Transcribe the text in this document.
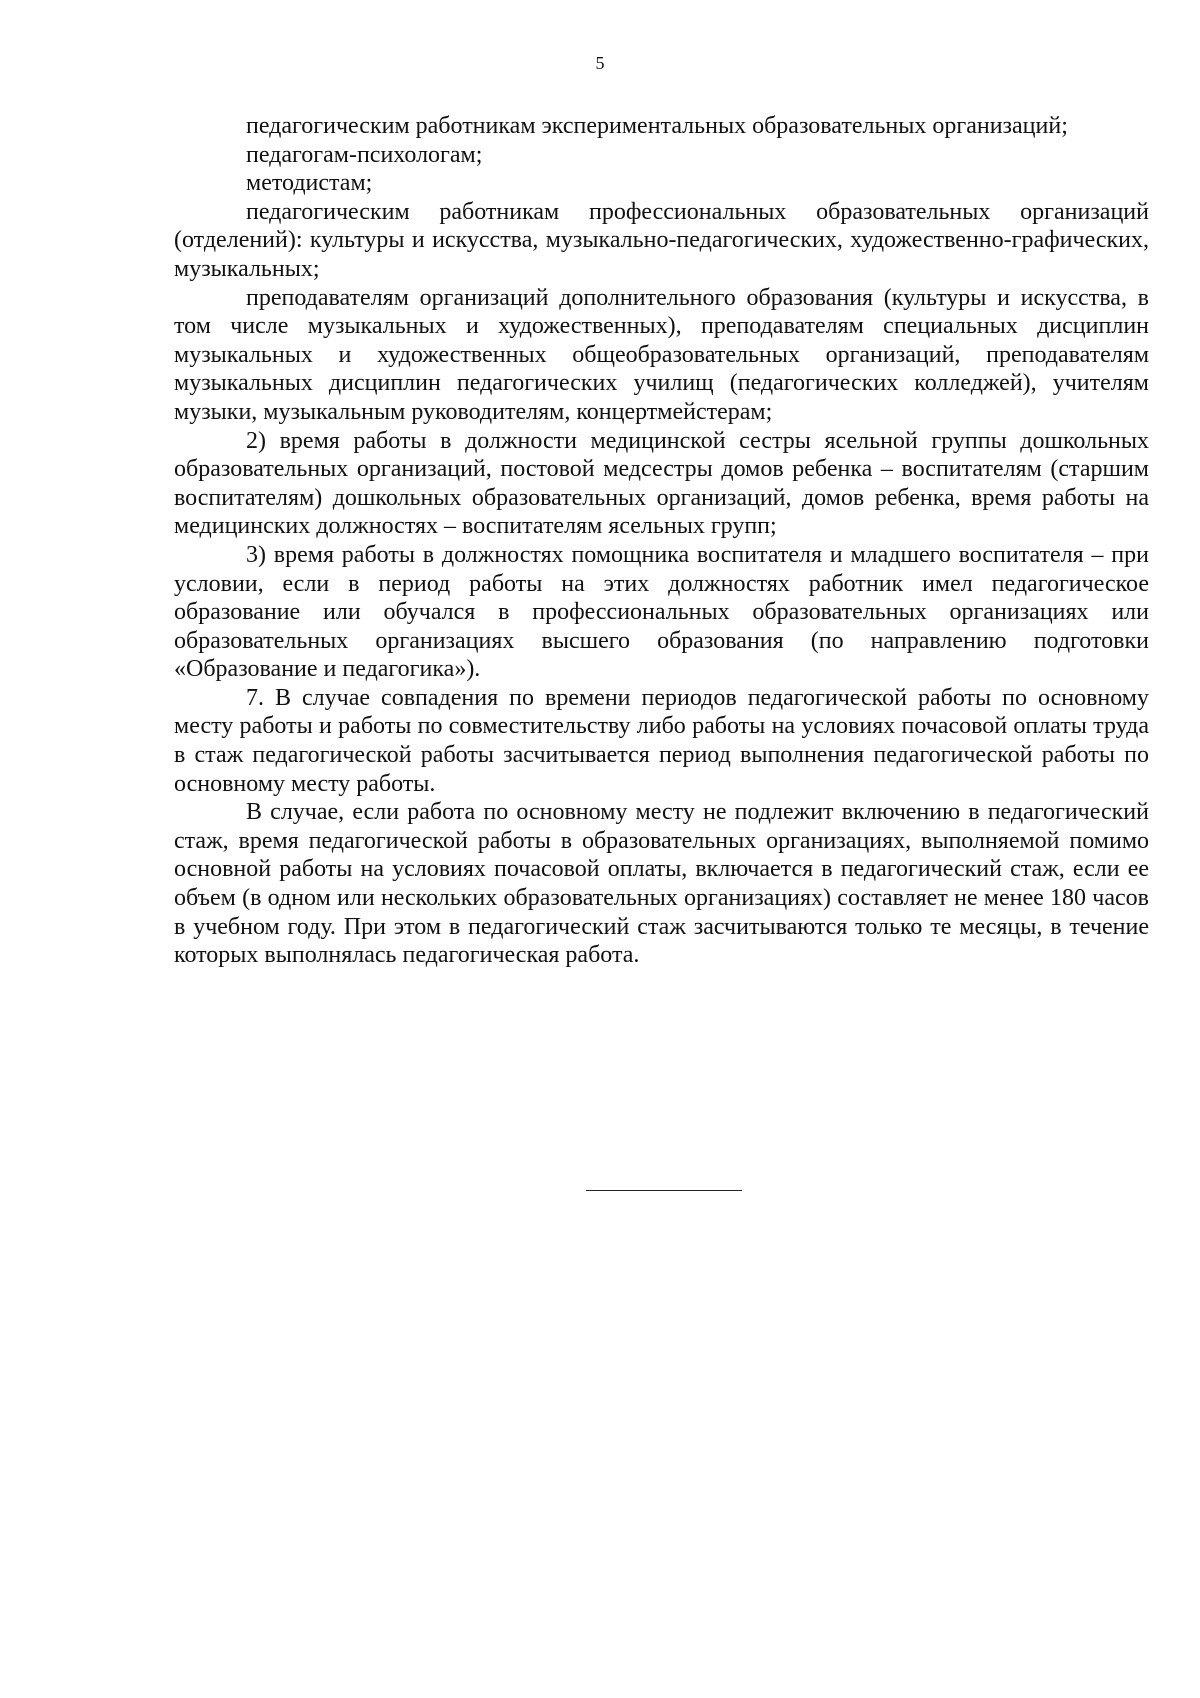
5

педагогическим работникам экспериментальных образовательных организаций;

педагогам-психологам;

методистам;

педагогическим работникам профессиональных образовательных организаций (отделений): культуры и искусства, музыкально-педагогических, художественно-графических, музыкальных;

преподавателям организаций дополнительного образования (культуры и искусства, в том числе музыкальных и художественных), преподавателям специальных дисциплин музыкальных и художественных общеобразовательных организаций, преподавателям музыкальных дисциплин педагогических училищ (педагогических колледжей), учителям музыки, музыкальным руководителям, концертмейстерам;

2) время работы в должности медицинской сестры ясельной группы дошкольных образовательных организаций, постовой медсестры домов ребенка – воспитателям (старшим воспитателям) дошкольных образовательных организаций, домов ребенка, время работы на медицинских должностях – воспитателям ясельных групп;

3) время работы в должностях помощника воспитателя и младшего воспитателя – при условии, если в период работы на этих должностях работник имел педагогическое образование или обучался в профессиональных образовательных организациях или образовательных организациях высшего образования (по направлению подготовки «Образование и педагогика»).

7. В случае совпадения по времени периодов педагогической работы по основному месту работы и работы по совместительству либо работы на условиях почасовой оплаты труда в стаж педагогической работы засчитывается период выполнения педагогической работы по основному месту работы.

В случае, если работа по основному месту не подлежит включению в педагогический стаж, время педагогической работы в образовательных организациях, выполняемой помимо основной работы на условиях почасовой оплаты, включается в педагогический стаж, если ее объем (в одном или нескольких образовательных организациях) составляет не менее 180 часов в учебном году. При этом в педагогический стаж засчитываются только те месяцы, в течение которых выполнялась педагогическая работа.
